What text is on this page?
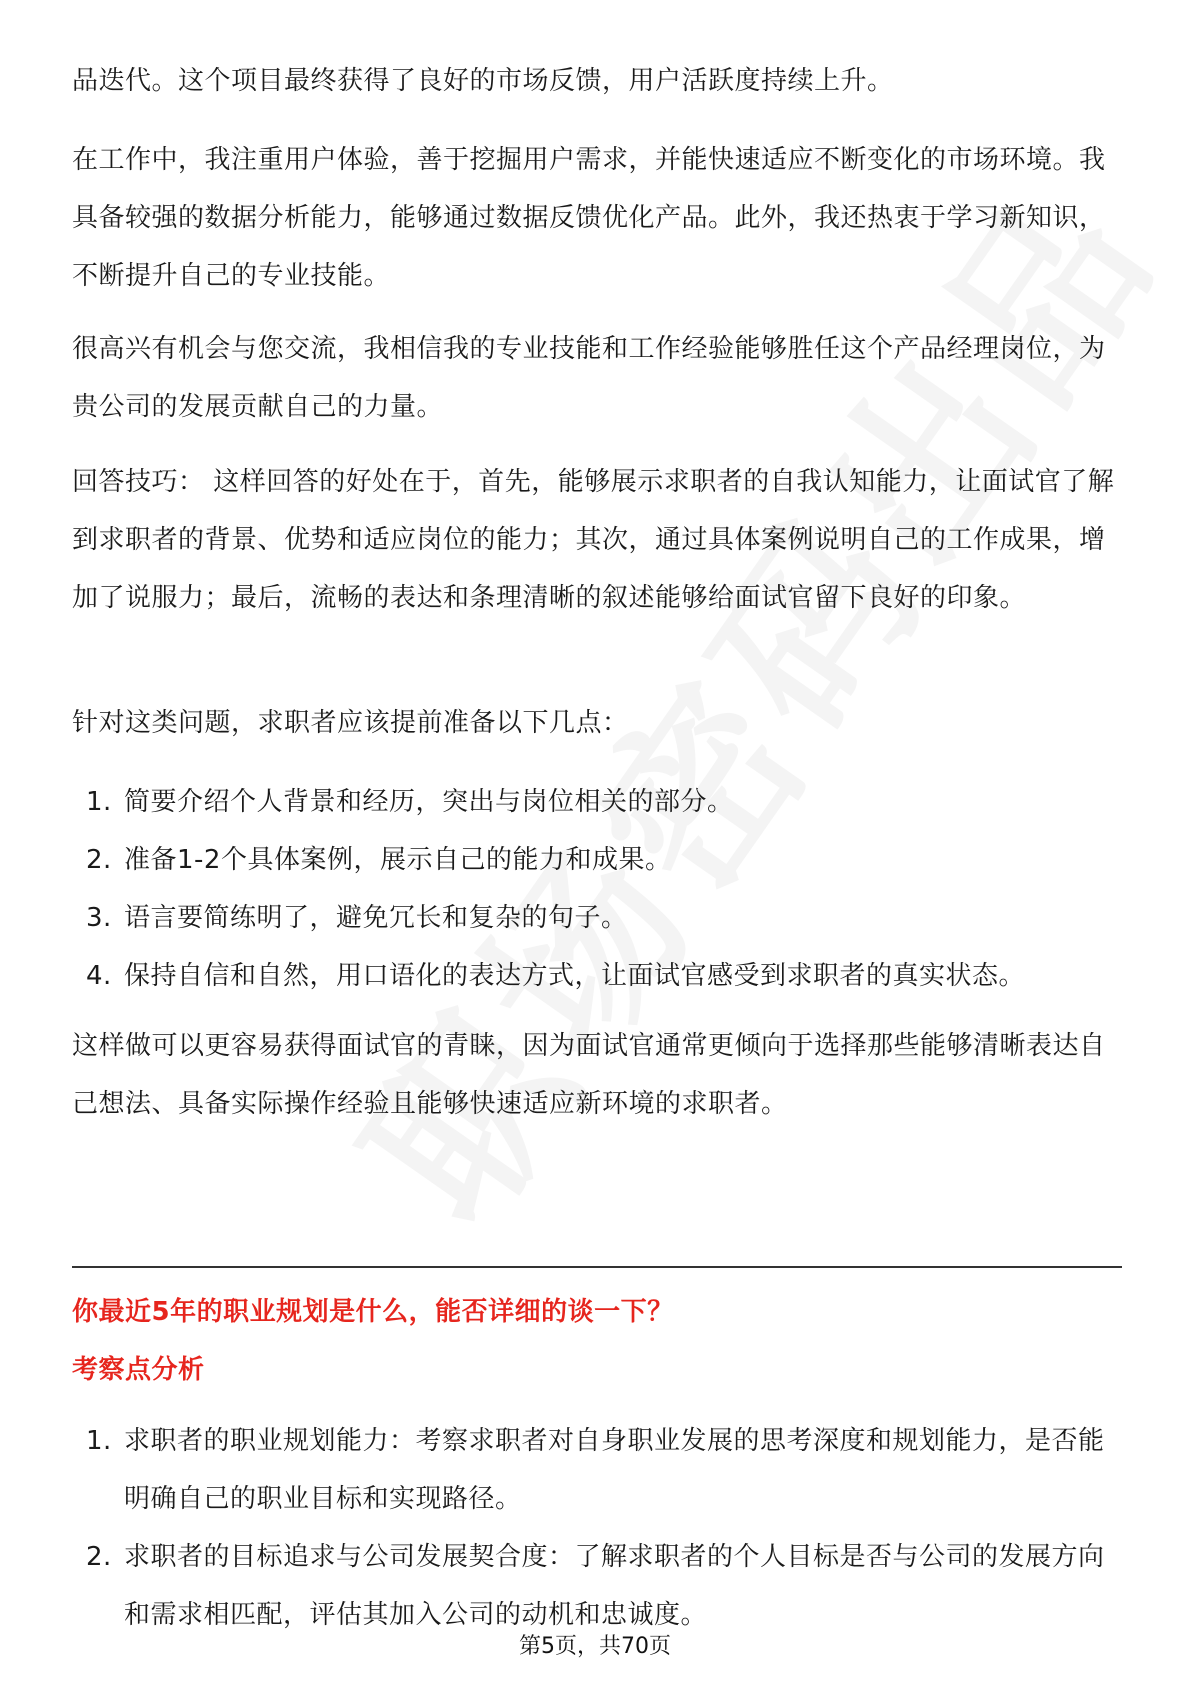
品迭代。这个项目最终获得了良好的市场反馈，用户活跃度持续上升。

在工作中，我注重用户体验，善于挖掘用户需求，并能快速适应不断变化的市场环境。我具备较强的数据分析能力，能够通过数据反馈优化产品。此外，我还热衷于学习新知识，不断提升自己的专业技能。

很高兴有机会与您交流，我相信我的专业技能和工作经验能够胜任这个产品经理岗位，为贵公司的发展贡献自己的力量。

回答技巧： 这样回答的好处在于，首先，能够展示求职者的自我认知能力，让面试官了解到求职者的背景、优势和适应岗位的能力；其次，通过具体案例说明自己的工作成果，增加了说服力；最后，流畅的表达和条理清晰的叙述能够给面试官留下良好的印象。

针对这类问题，求职者应该提前准备以下几点：

1. 简要介绍个人背景和经历，突出与岗位相关的部分。
2. 准备1-2个具体案例，展示自己的能力和成果。
3. 语言要简练明了，避免冗长和复杂的句子。
4. 保持自信和自然，用口语化的表达方式，让面试官感受到求职者的真实状态。

这样做可以更容易获得面试官的青睐，因为面试官通常更倾向于选择那些能够清晰表达自己想法、具备实际操作经验且能够快速适应新环境的求职者。

你最近5年的职业规划是什么，能否详细的谈一下？

考察点分析

1. 求职者的职业规划能力：考察求职者对自身职业发展的思考深度和规划能力，是否能明确自己的职业目标和实现路径。
2. 求职者的目标追求与公司发展契合度：了解求职者的个人目标是否与公司的发展方向和需求相匹配，评估其加入公司的动机和忠诚度。
第5页，共70页
